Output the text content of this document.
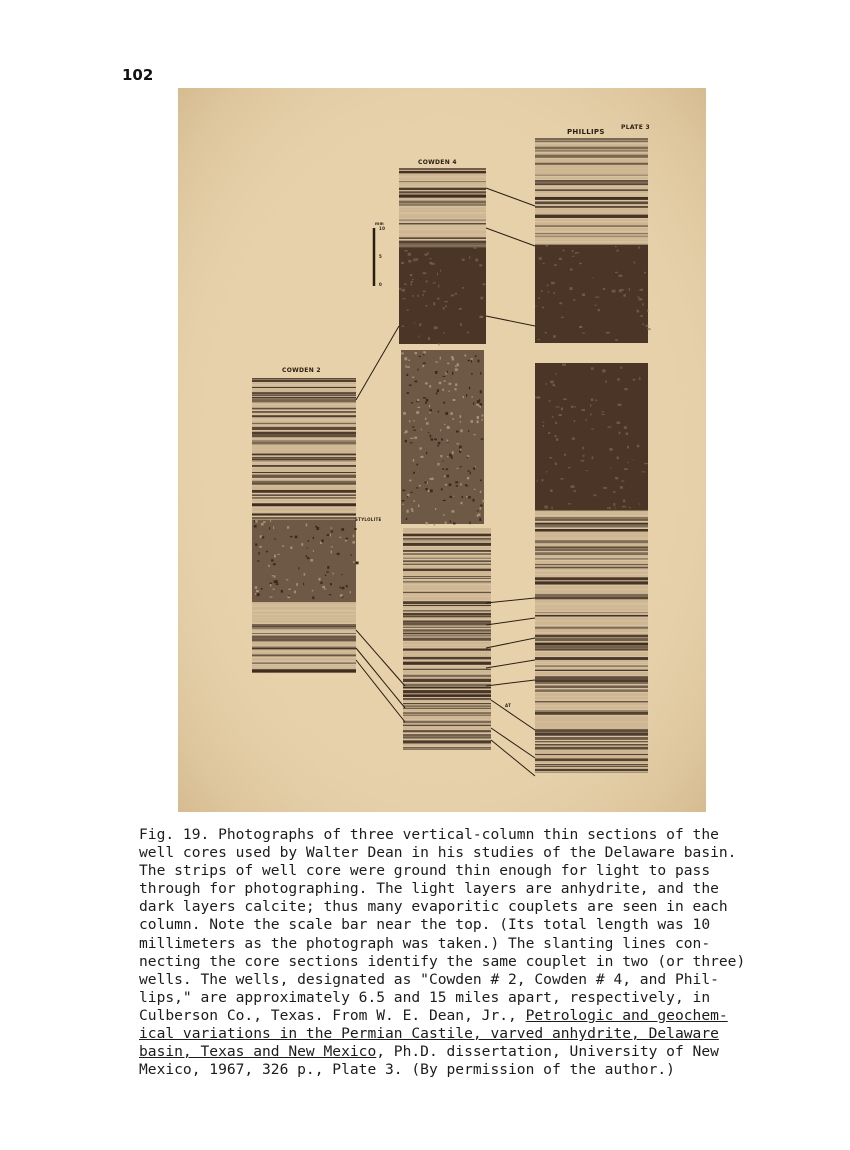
102
PLATE 3
PHILLIPS
COWDEN 4
COWDEN 2
mm
10
5
0
STYLOLITE
AT
Fig. 19. Photographs of three vertical-column thin sections of the
well cores used by Walter Dean in his studies of the Delaware basin.
The strips of well core were ground thin enough for light to pass
through for photographing. The light layers are anhydrite, and the
dark layers calcite; thus many evaporitic couplets are seen in each
column. Note the scale bar near the top. (Its total length was 10
millimeters as the photograph was taken.) The slanting lines con-
necting the core sections identify the same couplet in two (or three)
wells. The wells, designated as "Cowden # 2, Cowden # 4, and Phil-
lips," are approximately 6.5 and 15 miles apart, respectively, in
Culberson Co., Texas. From W. E. Dean, Jr., Petrologic and geochem-
ical variations in the Permian Castile, varved anhydrite, Delaware
basin, Texas and New Mexico, Ph.D. dissertation, University of New
Mexico, 1967, 326 p., Plate 3. (By permission of the author.)
